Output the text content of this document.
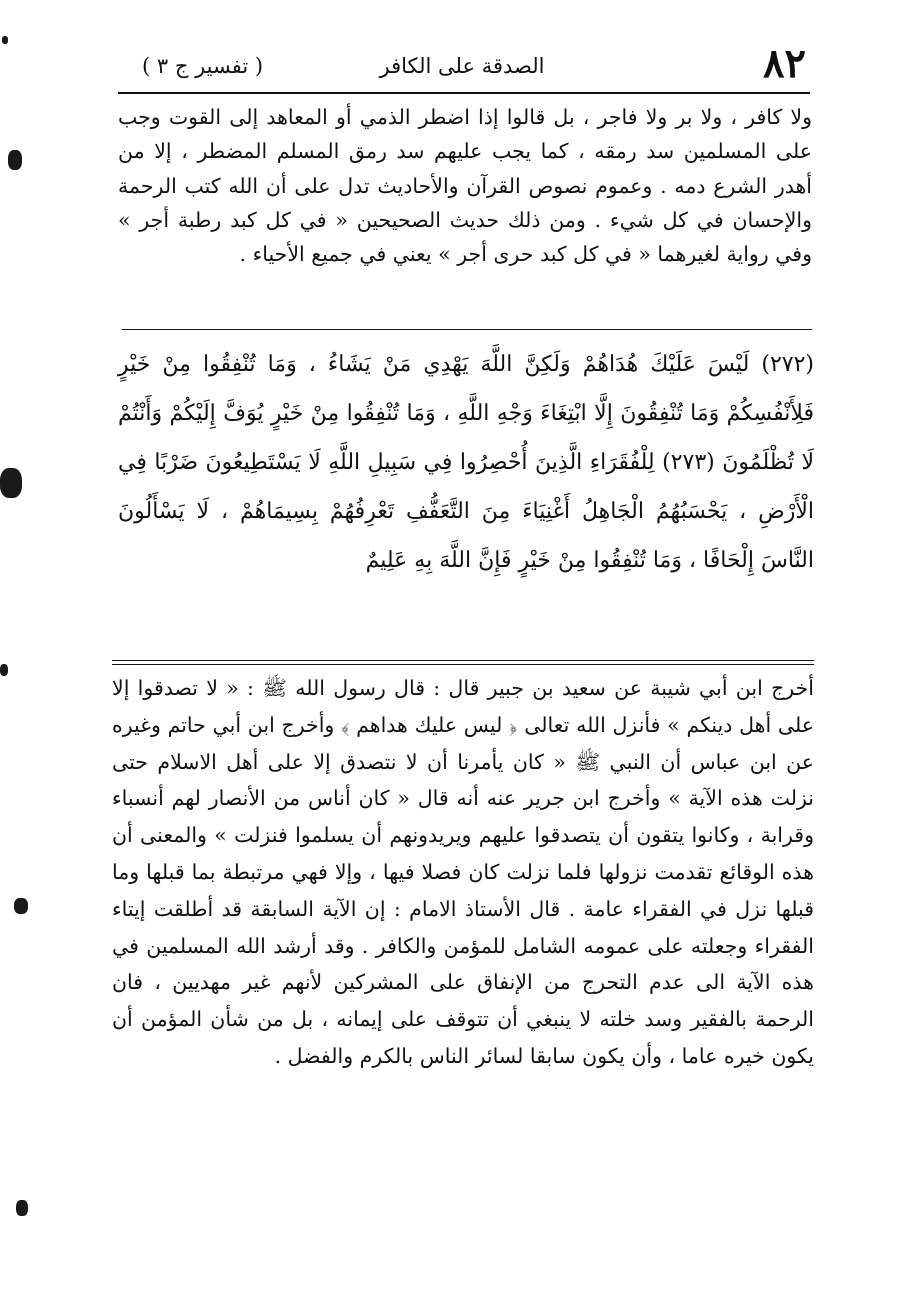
٨٢
الصدقة على الكافر
( تفسير ج ٣ )

ولا كافر ، ولا بر ولا فاجر ، بل قالوا إذا اضطر الذمي أو المعاهد إلى القوت وجب على المسلمين سد رمقه ، كما يجب عليهم سد رمق المسلم المضطر ، إلا من أهدر الشرع دمه . وعموم نصوص القرآن والأحاديث تدل على أن الله كتب الرحمة والإحسان في كل شيء . ومن ذلك حديث الصحيحين « في كل كبد رطبة أجر » وفي رواية لغيرهما « في كل كبد حرى أجر » يعني في جميع الأحياء .

(٢٧٢) لَيْسَ عَلَيْكَ هُدَاهُمْ وَلَكِنَّ اللَّهَ يَهْدِي مَنْ يَشَاءُ ، وَمَا تُنْفِقُوا مِنْ خَيْرٍ فَلِأَنْفُسِكُمْ وَمَا تُنْفِقُونَ إِلَّا ابْتِغَاءَ وَجْهِ اللَّهِ ، وَمَا تُنْفِقُوا مِنْ خَيْرٍ يُوَفَّ إِلَيْكُمْ وَأَنْتُمْ لَا تُظْلَمُونَ (٢٧٣) لِلْفُقَرَاءِ الَّذِينَ أُحْصِرُوا فِي سَبِيلِ اللَّهِ لَا يَسْتَطِيعُونَ ضَرْبًا فِي الْأَرْضِ ، يَحْسَبُهُمُ الْجَاهِلُ أَغْنِيَاءَ مِنَ التَّعَفُّفِ تَعْرِفُهُمْ بِسِيمَاهُمْ ، لَا يَسْأَلُونَ النَّاسَ إِلْحَافًا ، وَمَا تُنْفِقُوا مِنْ خَيْرٍ فَإِنَّ اللَّهَ بِهِ عَلِيمٌ

أخرج ابن أبي شيبة عن سعيد بن جبير قال : قال رسول الله ﷺ : « لا تصدقوا إلا على أهل دينكم » فأنزل الله تعالى ﴿ ليس عليك هداهم ﴾ وأخرج ابن أبي حاتم وغيره عن ابن عباس أن النبي ﷺ « كان يأمرنا أن لا نتصدق إلا على أهل الاسلام حتى نزلت هذه الآية » وأخرج ابن جرير عنه أنه قال « كان أناس من الأنصار لهم أنسباء وقرابة ، وكانوا يتقون أن يتصدقوا عليهم ويريدونهم أن يسلموا فنزلت » والمعنى أن هذه الوقائع تقدمت نزولها فلما نزلت كان فصلا فيها ، وإلا فهي مرتبطة بما قبلها وما قبلها نزل في الفقراء عامة . قال الأستاذ الامام : إن الآية السابقة قد أطلقت إيتاء الفقراء وجعلته على عمومه الشامل للمؤمن والكافر . وقد أرشد الله المسلمين في هذه الآية الى عدم التحرج من الإنفاق على المشركين لأنهم غير مهديين ، فان الرحمة بالفقير وسد خلته لا ينبغي أن تتوقف على إيمانه ، بل من شأن المؤمن أن يكون خيره عاما ، وأن يكون سابقا لسائر الناس بالكرم والفضل .
